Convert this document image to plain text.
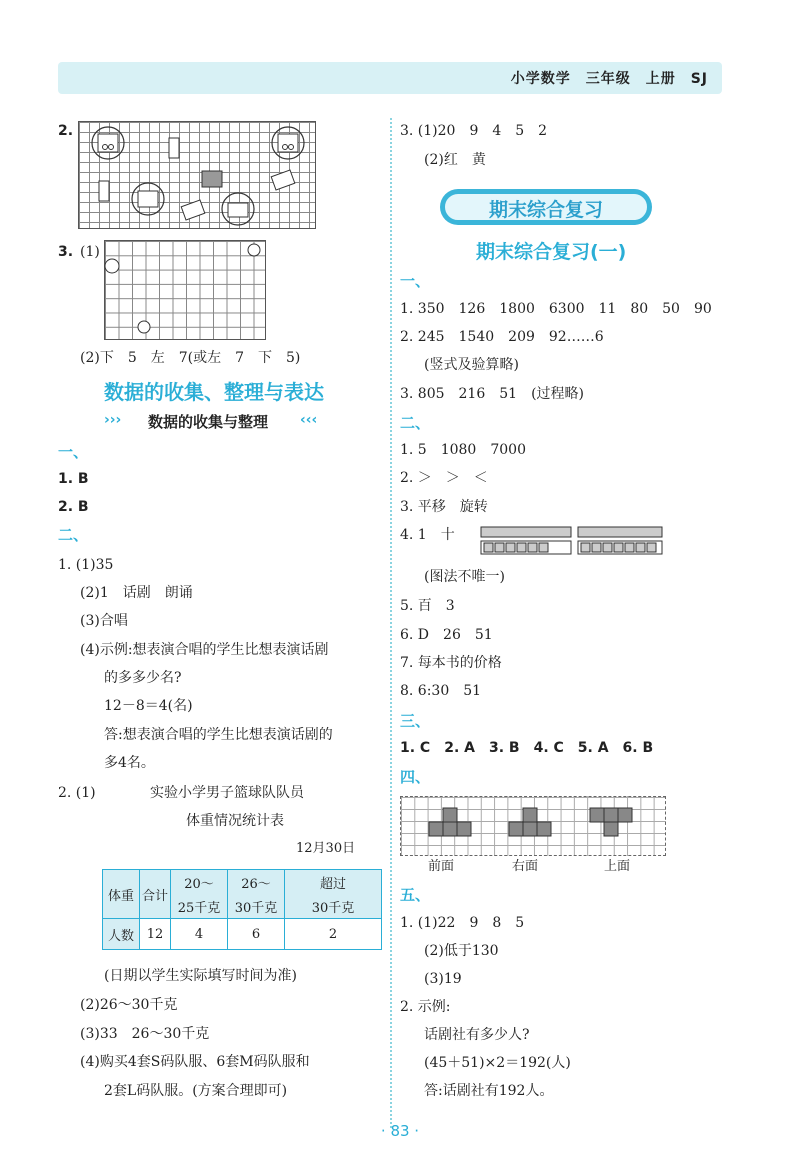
小学数学　三年级　上册　SJ
2.
3. (1)
(2)下　5　左　7(或左　7　下　5)
数据的收集、整理与表达
››› 数据的收集与整理 ‹‹‹
一、
1. B
2. B
二、
1. (1)35
(2)1　话剧　朗诵
(3)合唱
(4)示例:想表演合唱的学生比想表演话剧
的多多少名?
12－8＝4(名)
答:想表演合唱的学生比想表演话剧的
多4名。
2. (1)	实验小学男子篮球队队员
体重情况统计表
12月30日
体重	合计	20～	26～	超过
		25千克	30千克	30千克
人数	12	4	6	2
(日期以学生实际填写时间为准)
(2)26～30千克
(3)33　26～30千克
(4)购买4套S码队服、6套M码队服和
2套L码队服。(方案合理即可)
3. (1)20　9　4　5　2
(2)红　黄
期末综合复习
期末综合复习(一)
一、
1. 350　126　1800　6300　11　80　50　90
2. 245　1540　209　92……6
(竖式及验算略)
3. 805　216　51　(过程略)
二、
1. 5　1080　7000
2. ＞　＞　＜
3. 平移　旋转
4. 1　十
(图法不唯一)
5. 百　3
6. D　26　51
7. 每本书的价格
8. 6:30　51
三、
1. C　2. A　3. B　4. C　5. A　6. B
四、
前面	右面	上面
五、
1. (1)22　9　8　5
(2)低于130
(3)19
2. 示例:
话剧社有多少人?
(45＋51)×2＝192(人)
答:话剧社有192人。
· 83 ·
